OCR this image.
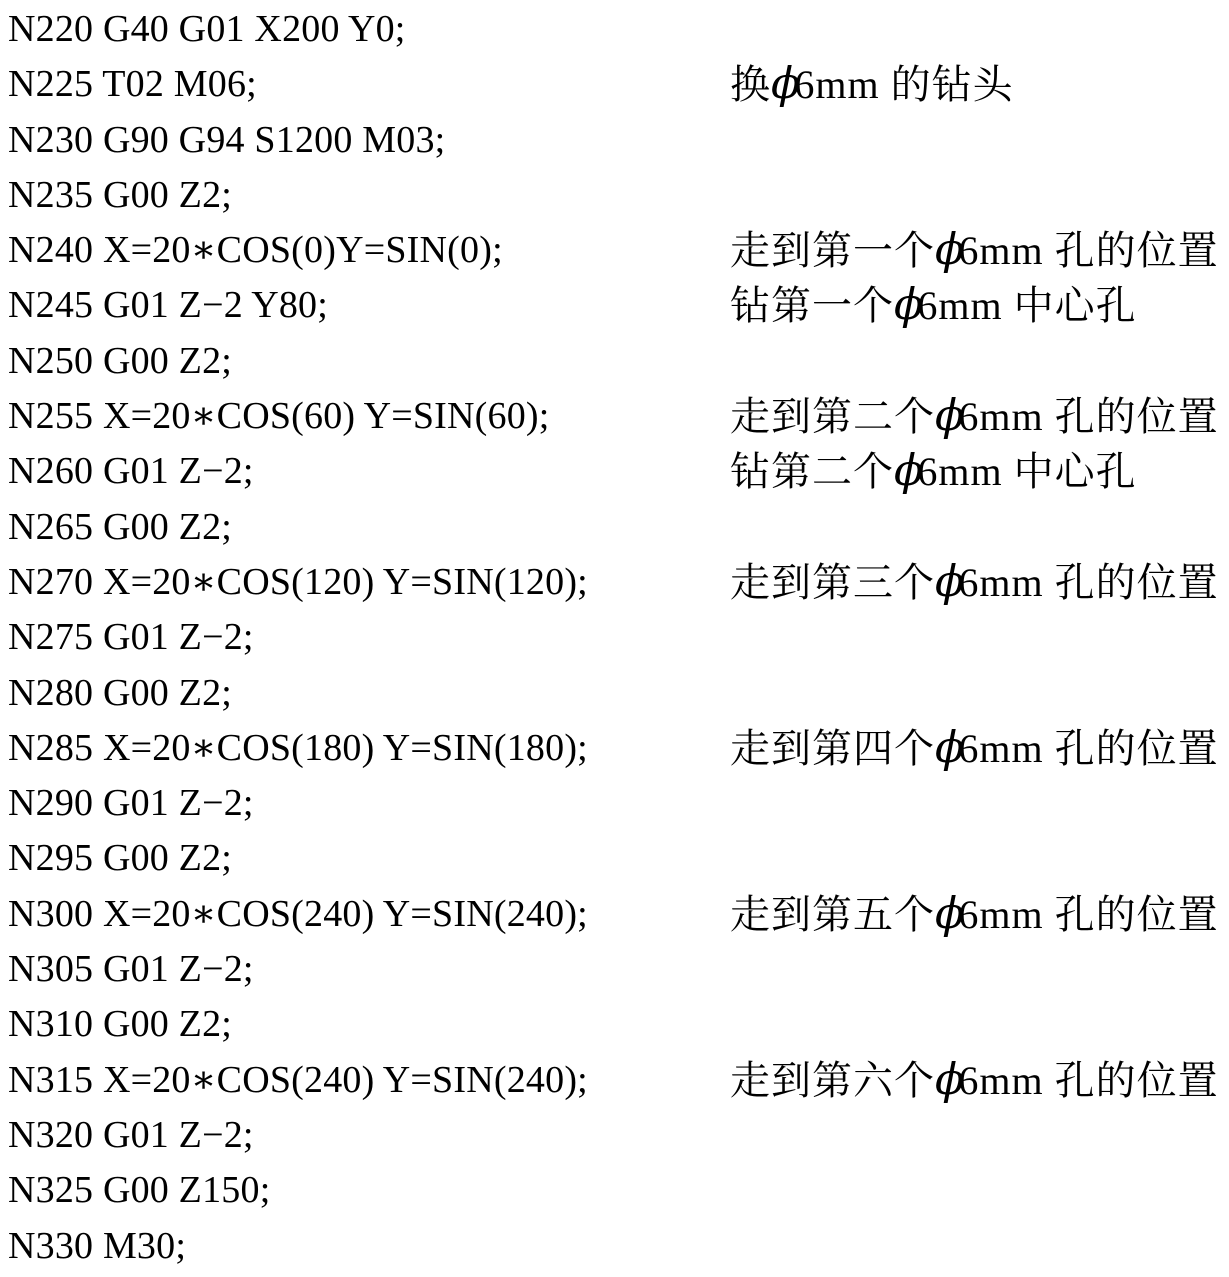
N220 G40 G01 X200 Y0;
N225 T02 M06;	换ϕ6mm 的钻头
N230 G90 G94 S1200 M03;
N235 G00 Z2;
N240 X=20∗COS(0)Y=SIN(0);	走到第一个ϕ6mm 孔的位置
N245 G01 Z−2 Y80;	钻第一个ϕ6mm 中心孔
N250 G00 Z2;
N255 X=20∗COS(60) Y=SIN(60);	走到第二个ϕ6mm 孔的位置
N260 G01 Z−2;	钻第二个ϕ6mm 中心孔
N265 G00 Z2;
N270 X=20∗COS(120) Y=SIN(120);	走到第三个ϕ6mm 孔的位置
N275 G01 Z−2;
N280 G00 Z2;
N285 X=20∗COS(180) Y=SIN(180);	走到第四个ϕ6mm 孔的位置
N290 G01 Z−2;
N295 G00 Z2;
N300 X=20∗COS(240) Y=SIN(240);	走到第五个ϕ6mm 孔的位置
N305 G01 Z−2;
N310 G00 Z2;
N315 X=20∗COS(240) Y=SIN(240);	走到第六个ϕ6mm 孔的位置
N320 G01 Z−2;
N325 G00 Z150;
N330 M30;
